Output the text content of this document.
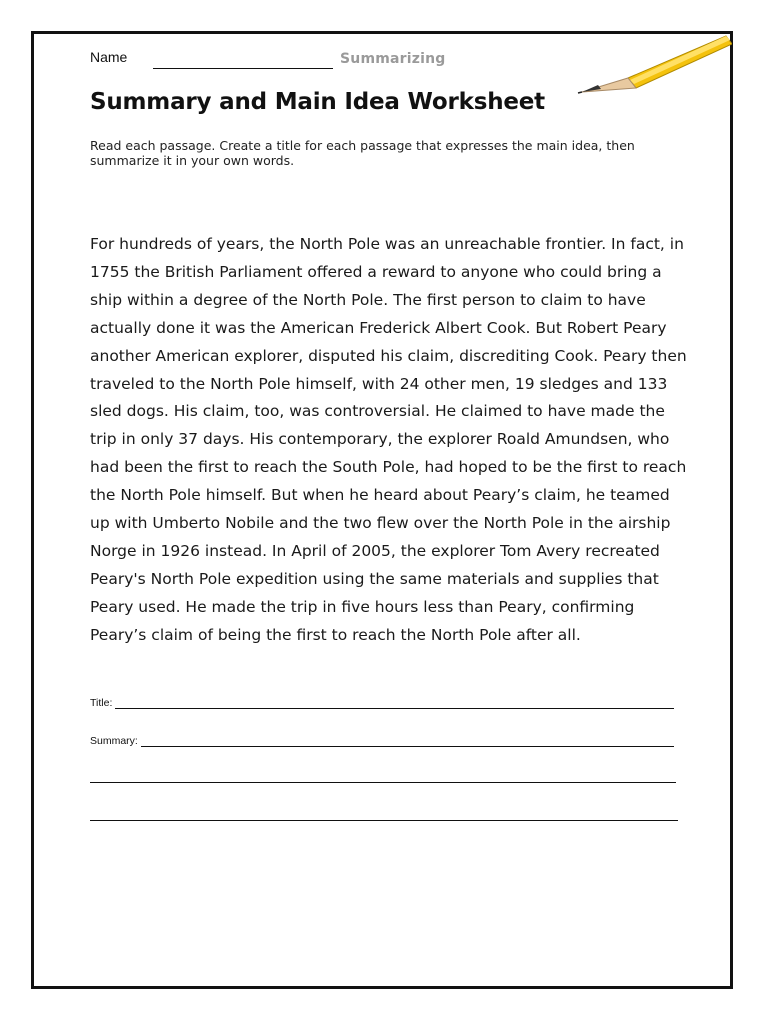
Name	Summarizing
Summary and Main Idea Worksheet
Read each passage. Create a title for each passage that expresses the main idea, then summarize it in your own words.
For hundreds of years, the North Pole was an unreachable frontier. In fact, in 1755 the British Parliament offered a reward to anyone who could bring a ship within a degree of the North Pole. The first person to claim to have actually done it was the American Frederick Albert Cook. But Robert Peary another American explorer, disputed his claim, discrediting Cook. Peary then traveled to the North Pole himself, with 24 other men, 19 sledges and 133 sled dogs. His claim, too, was controversial. He claimed to have made the trip in only 37 days. His contemporary, the explorer Roald Amundsen, who had been the first to reach the South Pole, had hoped to be the first to reach the North Pole himself. But when he heard about Peary’s claim, he teamed up with Umberto Nobile and the two flew over the North Pole in the airship Norge in 1926 instead. In April of 2005, the explorer Tom Avery recreated Peary's North Pole expedition using the same materials and supplies that Peary used. He made the trip in five hours less than Peary, confirming Peary’s claim of being the first to reach the North Pole after all.
Title:
Summary:
